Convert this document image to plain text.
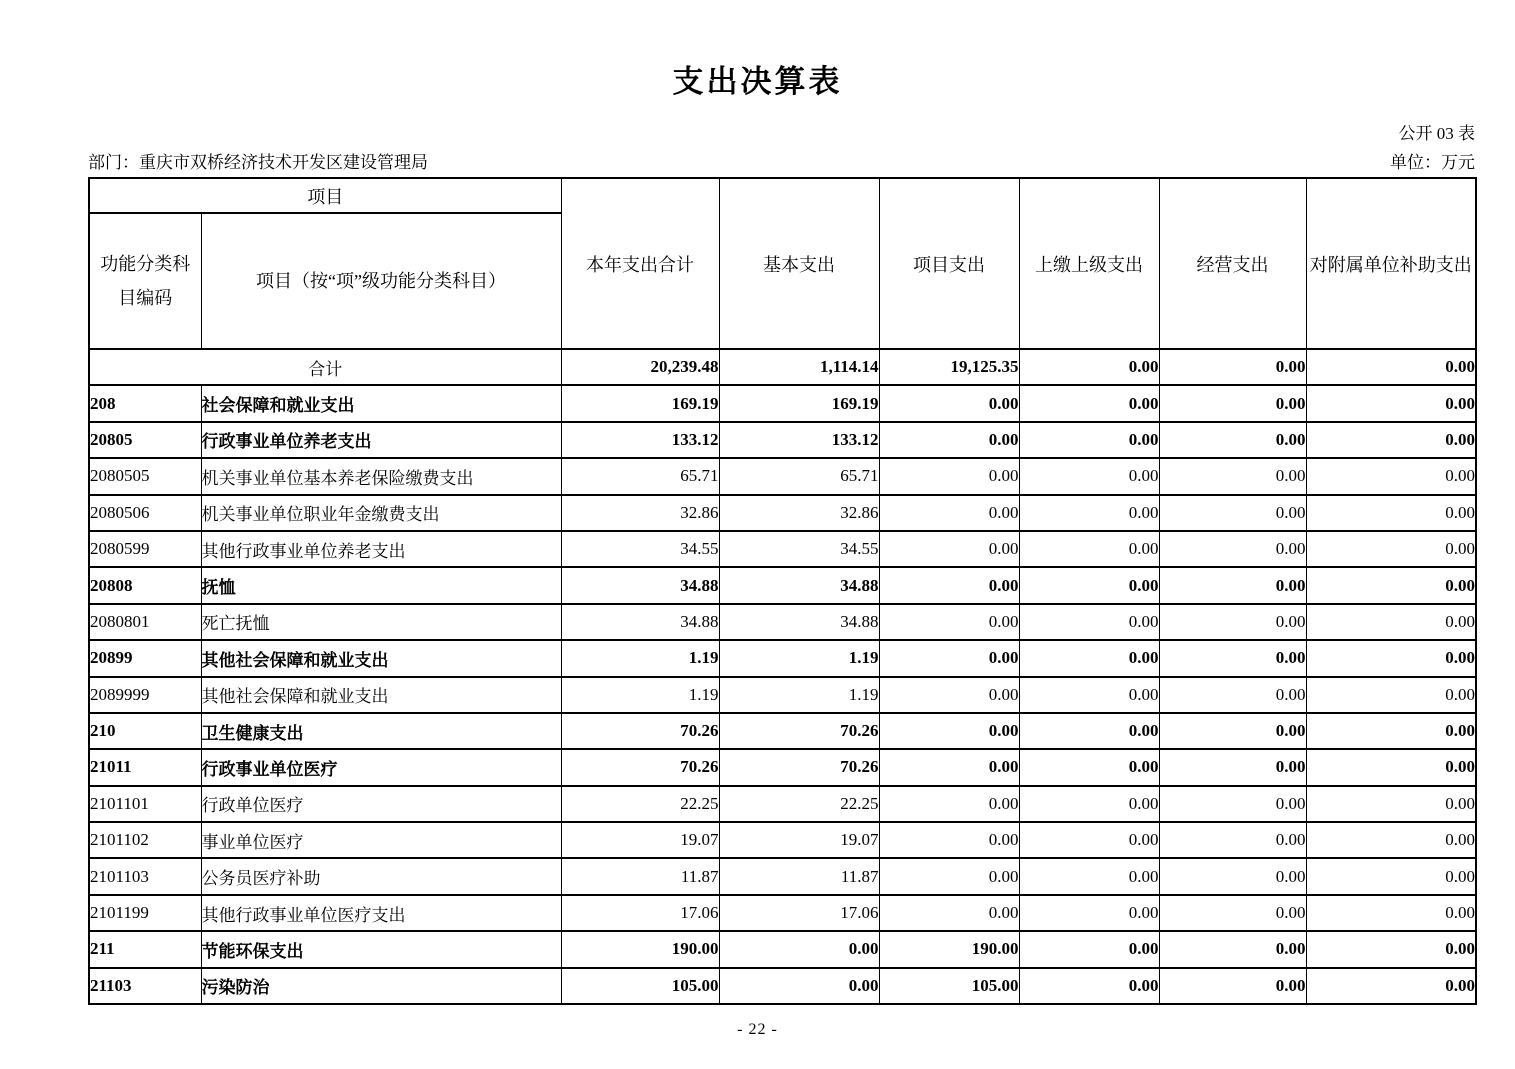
支出决算表
公开 03 表
部门：重庆市双桥经济技术开发区建设管理局	单位：万元
项目		本年支出合计	基本支出	项目支出	上缴上级支出	经营支出	对附属单位补助支出
功能分类科目编码	项目（按“项”级功能分类科目）						
合计		20,239.48	1,114.14	19,125.35	0.00	0.00	0.00
208	社会保障和就业支出	169.19	169.19	0.00	0.00	0.00	0.00
20805	行政事业单位养老支出	133.12	133.12	0.00	0.00	0.00	0.00
2080505	机关事业单位基本养老保险缴费支出	65.71	65.71	0.00	0.00	0.00	0.00
2080506	机关事业单位职业年金缴费支出	32.86	32.86	0.00	0.00	0.00	0.00
2080599	其他行政事业单位养老支出	34.55	34.55	0.00	0.00	0.00	0.00
20808	抚恤	34.88	34.88	0.00	0.00	0.00	0.00
2080801	死亡抚恤	34.88	34.88	0.00	0.00	0.00	0.00
20899	其他社会保障和就业支出	1.19	1.19	0.00	0.00	0.00	0.00
2089999	其他社会保障和就业支出	1.19	1.19	0.00	0.00	0.00	0.00
210	卫生健康支出	70.26	70.26	0.00	0.00	0.00	0.00
21011	行政事业单位医疗	70.26	70.26	0.00	0.00	0.00	0.00
2101101	行政单位医疗	22.25	22.25	0.00	0.00	0.00	0.00
2101102	事业单位医疗	19.07	19.07	0.00	0.00	0.00	0.00
2101103	公务员医疗补助	11.87	11.87	0.00	0.00	0.00	0.00
2101199	其他行政事业单位医疗支出	17.06	17.06	0.00	0.00	0.00	0.00
211	节能环保支出	190.00	0.00	190.00	0.00	0.00	0.00
21103	污染防治	105.00	0.00	105.00	0.00	0.00	0.00
- 22 -
